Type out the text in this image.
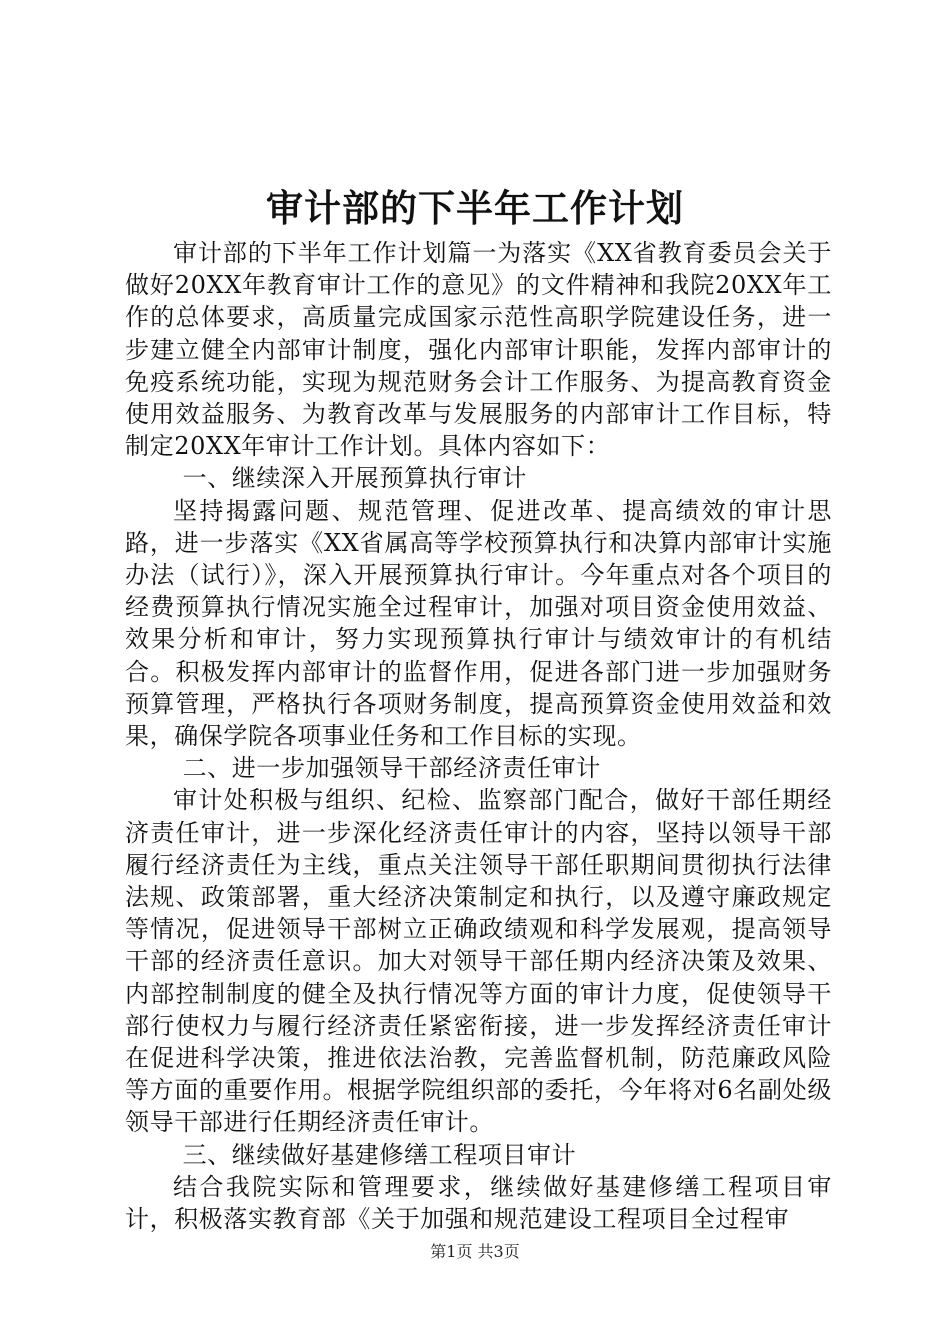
审计部的下半年工作计划

审计部的下半年工作计划篇一为落实《XX省教育委员会关于做好20XX年教育审计工作的意见》的文件精神和我院20XX年工作的总体要求，高质量完成国家示范性高职学院建设任务，进一步建立健全内部审计制度，强化内部审计职能，发挥内部审计的免疫系统功能，实现为规范财务会计工作服务、为提高教育资金使用效益服务、为教育改革与发展服务的内部审计工作目标，特制定20XX年审计工作计划。具体内容如下：

一、继续深入开展预算执行审计

坚持揭露问题、规范管理、促进改革、提高绩效的审计思路，进一步落实《XX省属高等学校预算执行和决算内部审计实施办法（试行）》，深入开展预算执行审计。今年重点对各个项目的经费预算执行情况实施全过程审计，加强对项目资金使用效益、效果分析和审计，努力实现预算执行审计与绩效审计的有机结合。积极发挥内部审计的监督作用，促进各部门进一步加强财务预算管理，严格执行各项财务制度，提高预算资金使用效益和效果，确保学院各项事业任务和工作目标的实现。

二、进一步加强领导干部经济责任审计

审计处积极与组织、纪检、监察部门配合，做好干部任期经济责任审计，进一步深化经济责任审计的内容，坚持以领导干部履行经济责任为主线，重点关注领导干部任职期间贯彻执行法律法规、政策部署，重大经济决策制定和执行，以及遵守廉政规定等情况，促进领导干部树立正确政绩观和科学发展观，提高领导干部的经济责任意识。加大对领导干部任期内经济决策及效果、内部控制制度的健全及执行情况等方面的审计力度，促使领导干部行使权力与履行经济责任紧密衔接，进一步发挥经济责任审计在促进科学决策，推进依法治教，完善监督机制，防范廉政风险等方面的重要作用。根据学院组织部的委托，今年将对6名副处级领导干部进行任期经济责任审计。

三、继续做好基建修缮工程项目审计

结合我院实际和管理要求，继续做好基建修缮工程项目审计，积极落实教育部《关于加强和规范建设工程项目全过程审

第1页 共3页
